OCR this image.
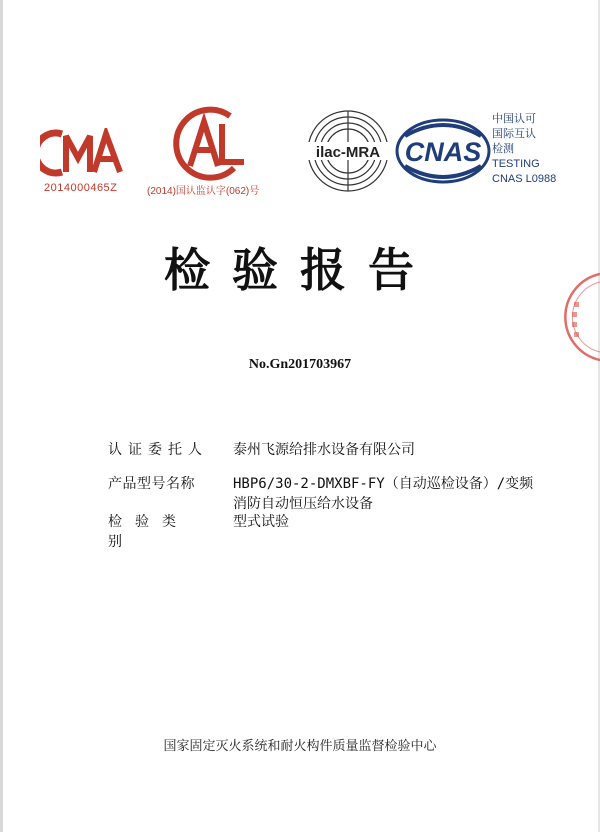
2014000465Z	(2014)国认监认字(062)号
ilac-MRA CNAS
中国认可
国际互认
检测
TESTING
CNAS L0988
检验报告
No.Gn201703967
认证委托人 泰州飞源给排水设备有限公司
产品型号名称	HBP6/30-2-DMXBF-FY（自动巡检设备）/变频
消防自动恒压给水设备
检验类别
型式试验
国家固定灭火系统和耐火构件质量监督检验中心
